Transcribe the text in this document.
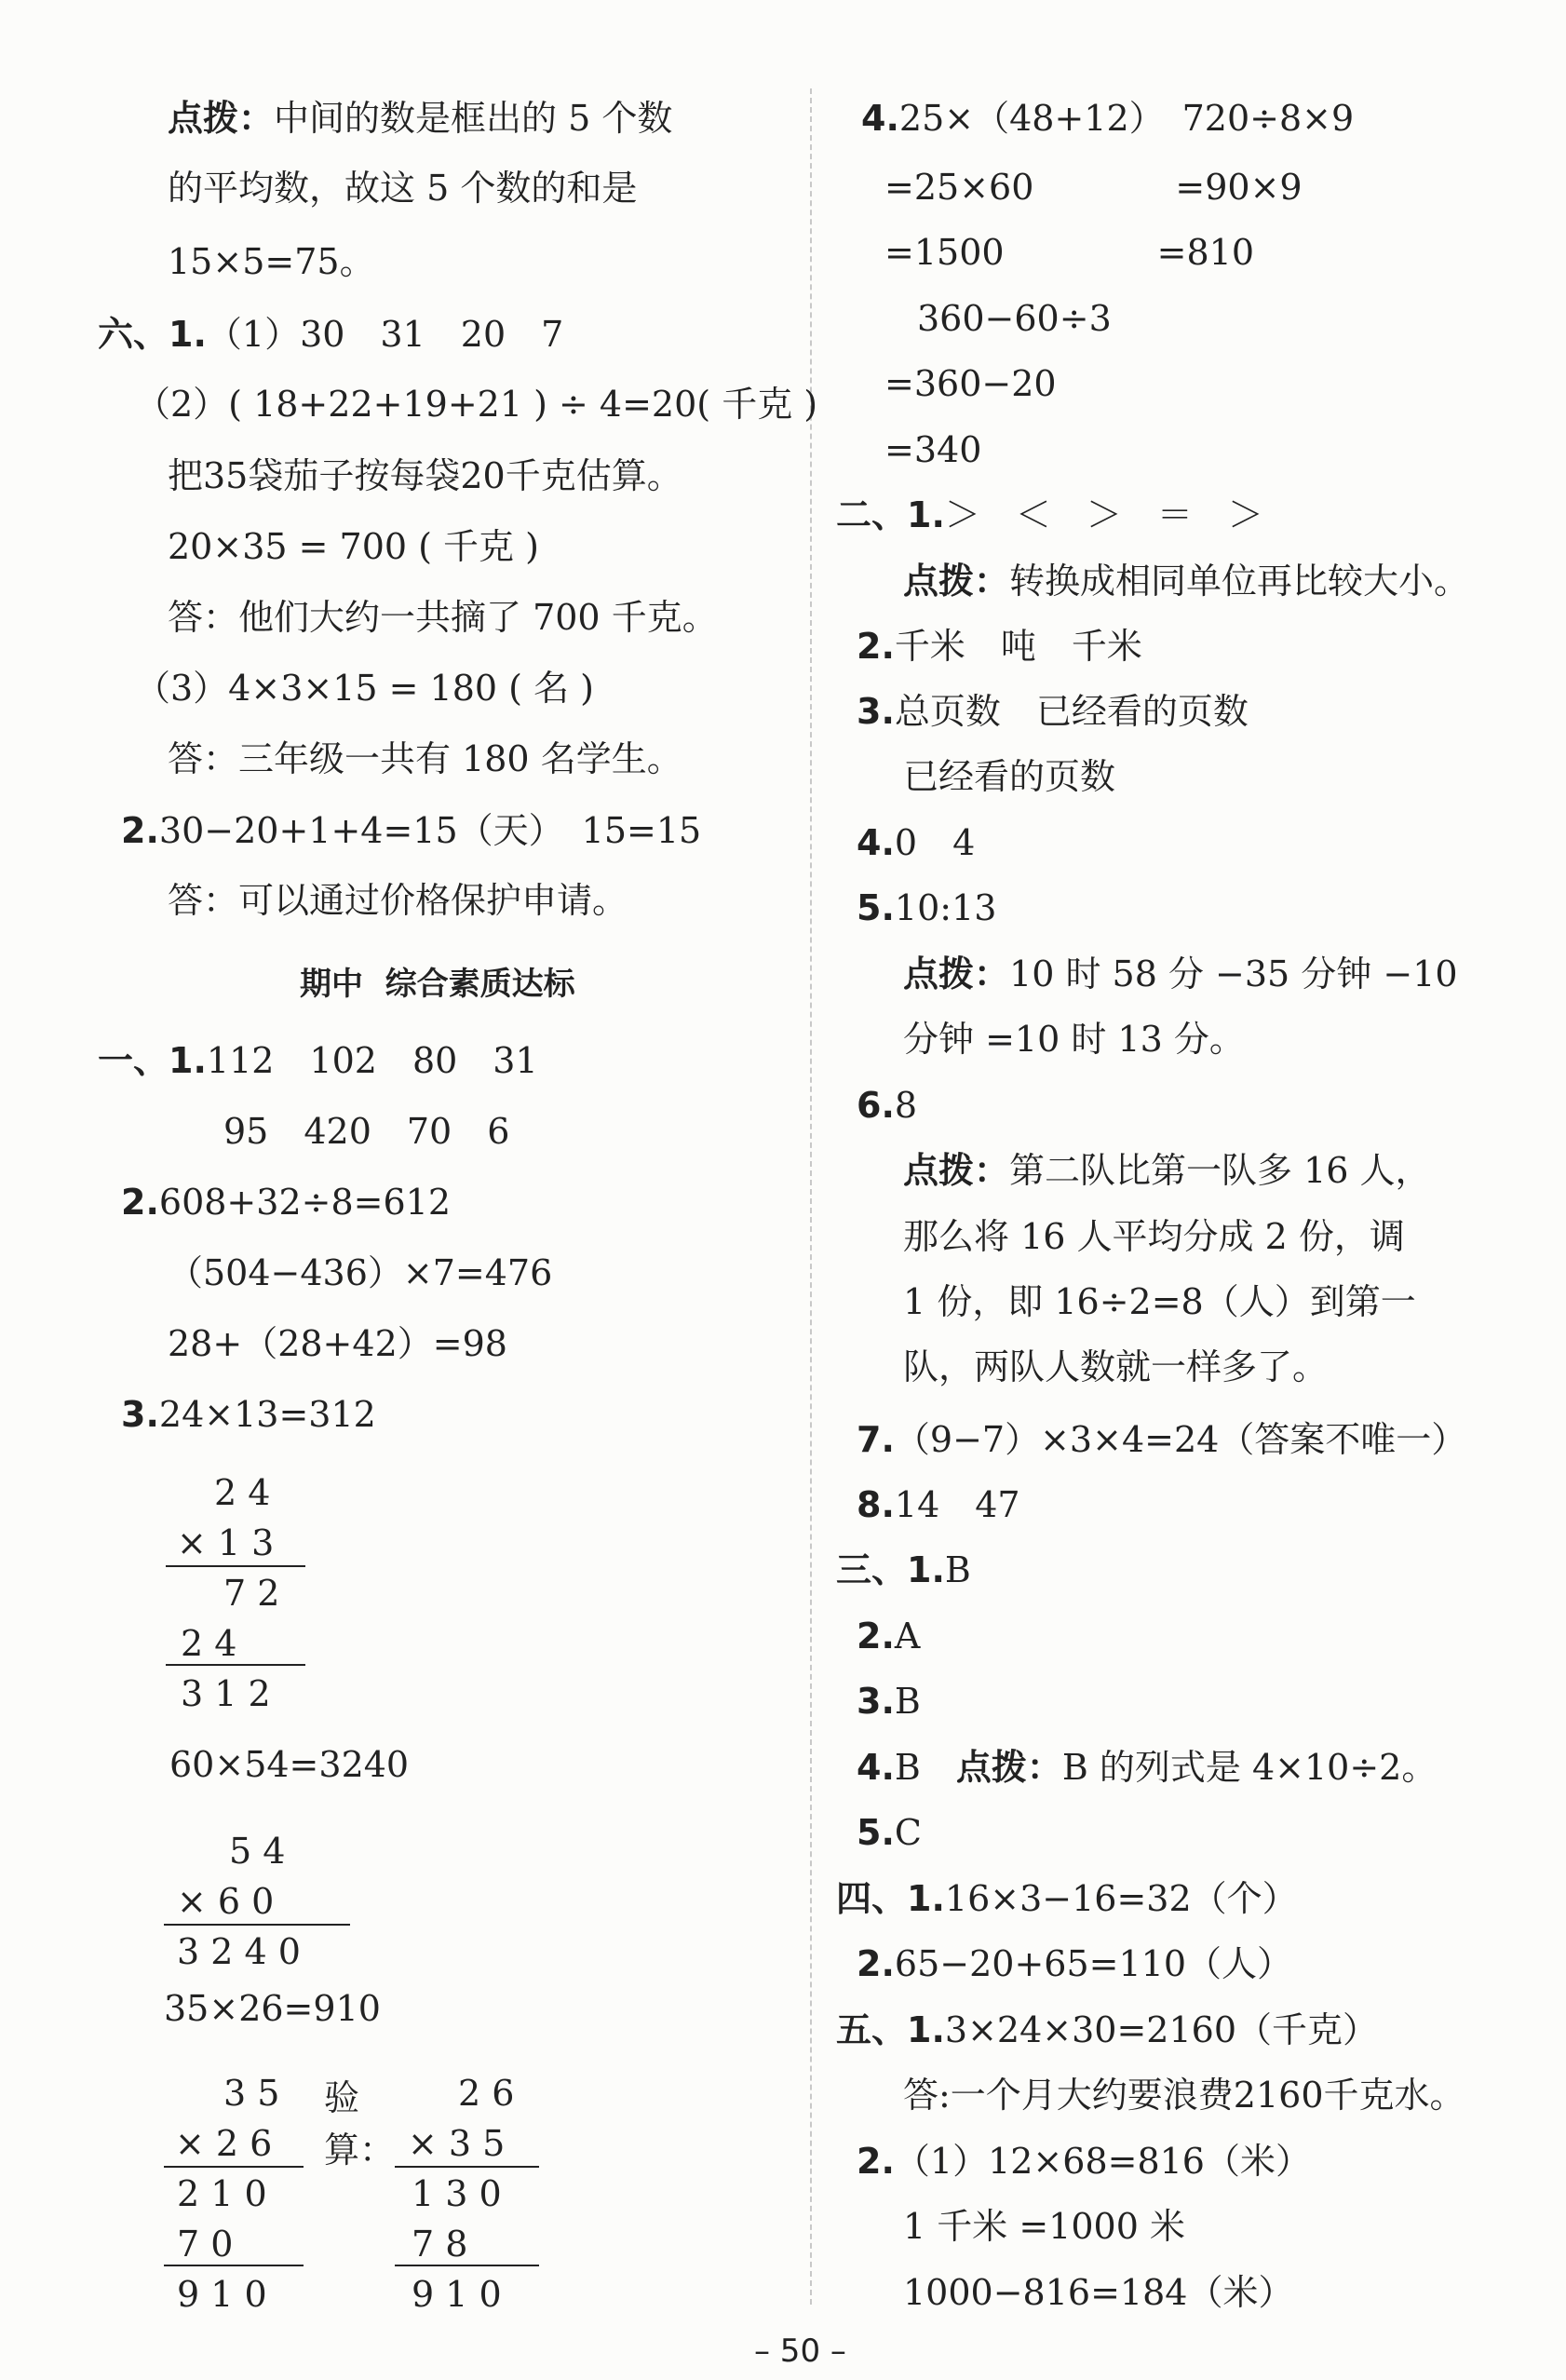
点拨：中间的数是框出的 5 个数
的平均数，故这 5 个数的和是
15×5=75。
六、1.（1）30　31　20　7
（2）( 18+22+19+21 ) ÷ 4=20( 千克 )
把35袋茄子按每袋20千克估算。
20×35 = 700 ( 千克 )
答：他们大约一共摘了 700 千克。
（3）4×3×15 = 180 ( 名 )
答：三年级一共有 180 名学生。
2.30−20+1+4=15（天）　15=15
答：可以通过价格保护申请。
期中  综合素质达标
一、1.112　102　80　31
95　420　70　6
2.608+32÷8=612
（504−436）×7=476
28+（28+42）=98
3.24×13=312
2 4
× 1 3
7 2
2 4
3 1 2
60×54=3240
5 4
× 6 0
3 2 4 0
35×26=910
3 5
× 2 6
2 1 0
7 0
9 1 0
验
算：
2 6
× 3 5
1 3 0
7 8
9 1 0
4.25×（48+12）　720÷8×9
=25×60　　　　=90×9
=1500　　　　 =810
360−60÷3
=360−20
=340
二、1.＞　＜　＞　＝　＞
点拨：转换成相同单位再比较大小。
2.千米　吨　千米
3.总页数　已经看的页数
已经看的页数
4.0　4
5.10:13
点拨：10 时 58 分 −35 分钟 −10
分钟 =10 时 13 分。
6.8
点拨：第二队比第一队多 16 人，
那么将 16 人平均分成 2 份，调
1 份，即 16÷2=8（人）到第一
队，两队人数就一样多了。
7.（9−7）×3×4=24（答案不唯一）
8.14　47
三、1.B
2.A
3.B
4.B　 点拨：B 的列式是 4×10÷2。
5.C
四、1.16×3−16=32（个）
2.65−20+65=110（人）
五、1.3×24×30=2160（千克）
答:一个月大约要浪费2160千克水。
2.（1）12×68=816（米）
1 千米 =1000 米
1000−816=184（米）
– 50 –
